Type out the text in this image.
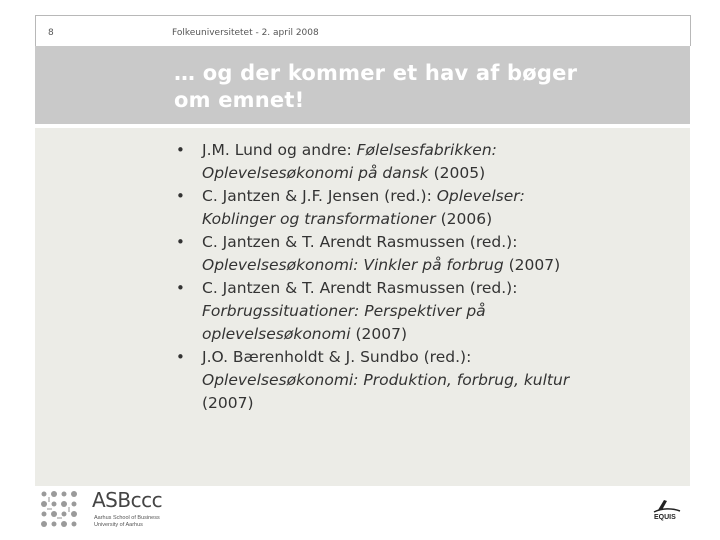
8	Folkeuniversitetet - 2. april 2008
… og der kommer et hav af bøger
om emnet!
• J.M. Lund og andre: Følelsesfabrikken:
Oplevelsesøkonomi på dansk (2005)
• C. Jantzen & J.F. Jensen (red.): Oplevelser:
Koblinger og transformationer (2006)
• C. Jantzen & T. Arendt Rasmussen (red.):
Oplevelsesøkonomi: Vinkler på forbrug (2007)
• C. Jantzen & T. Arendt Rasmussen (red.):
Forbrugssituationer: Perspektiver på
oplevelsesøkonomi (2007)
• J.O. Bærenholdt & J. Sundbo (red.):
Oplevelsesøkonomi: Produktion, forbrug, kultur
(2007)
ASBccc
Aarhus School of Business
University of Aarhus
EQUIS
